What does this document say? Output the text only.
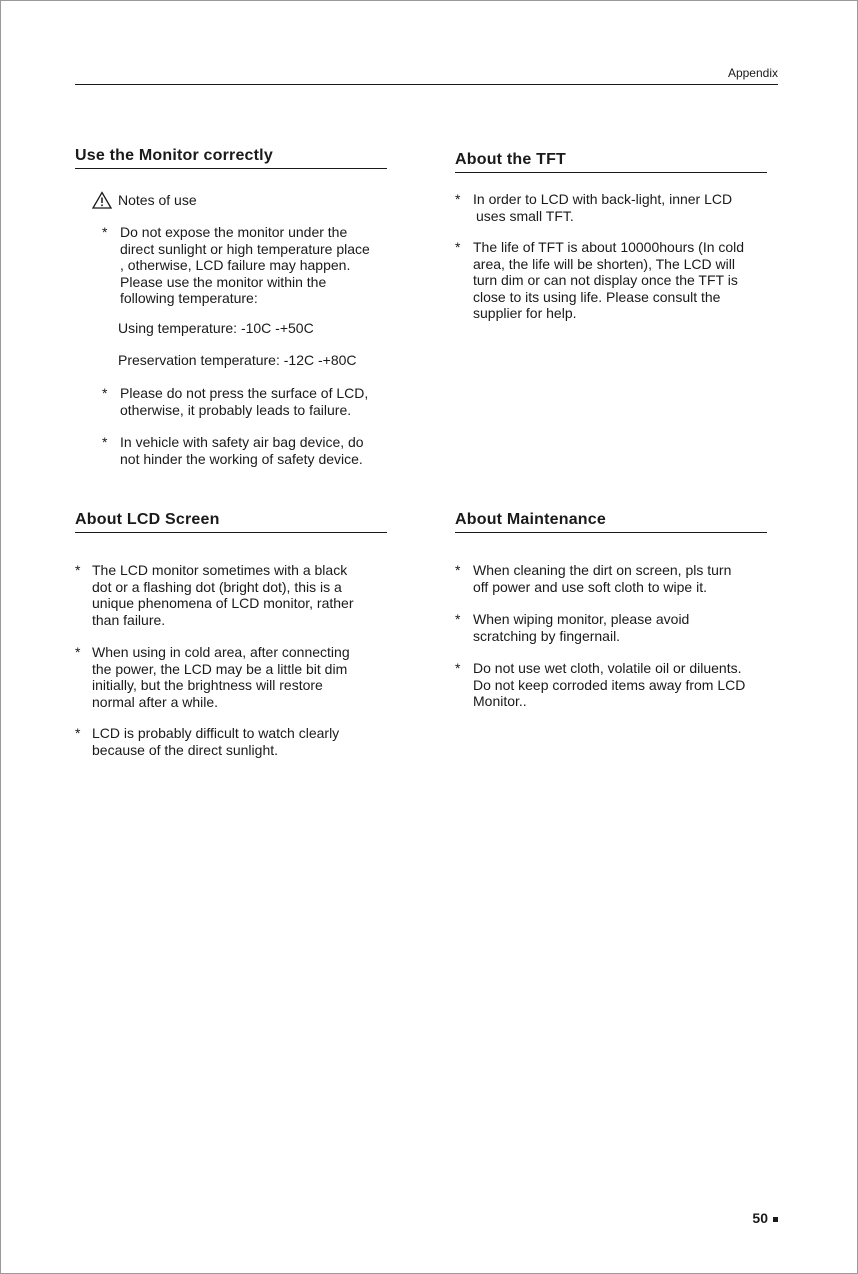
Appendix
Use the Monitor correctly
Notes of use
* Do not expose the monitor under the
direct sunlight or high temperature place
, otherwise, LCD failure may happen.
Please use the monitor within the
following temperature:
Using temperature: -10C -+50C
Preservation temperature: -12C -+80C
* Please do not press the surface of LCD,
otherwise, it probably leads to failure.
* In vehicle with safety air bag device, do
not hinder the working of safety device.
About the TFT
* In order to LCD with back-light, inner LCD
uses small TFT.
* The life of TFT is about 10000hours (In cold
area, the life will be shorten), The LCD will
turn dim or can not display once the TFT is
close to its using life. Please consult the
supplier for help.
About LCD Screen
* The LCD monitor sometimes with a black
dot or a flashing dot (bright dot), this is a
unique phenomena of LCD monitor, rather
than failure.
* When using in cold area, after connecting
the power, the LCD may be a little bit dim
initially, but the brightness will restore
normal after a while.
* LCD is probably difficult to watch clearly
because of the direct sunlight.
About Maintenance
* When cleaning the dirt on screen, pls turn
off power and use soft cloth to wipe it.
* When wiping monitor, please avoid
scratching by fingernail.
* Do not use wet cloth, volatile oil or diluents.
Do not keep corroded items away from LCD
Monitor..
50
